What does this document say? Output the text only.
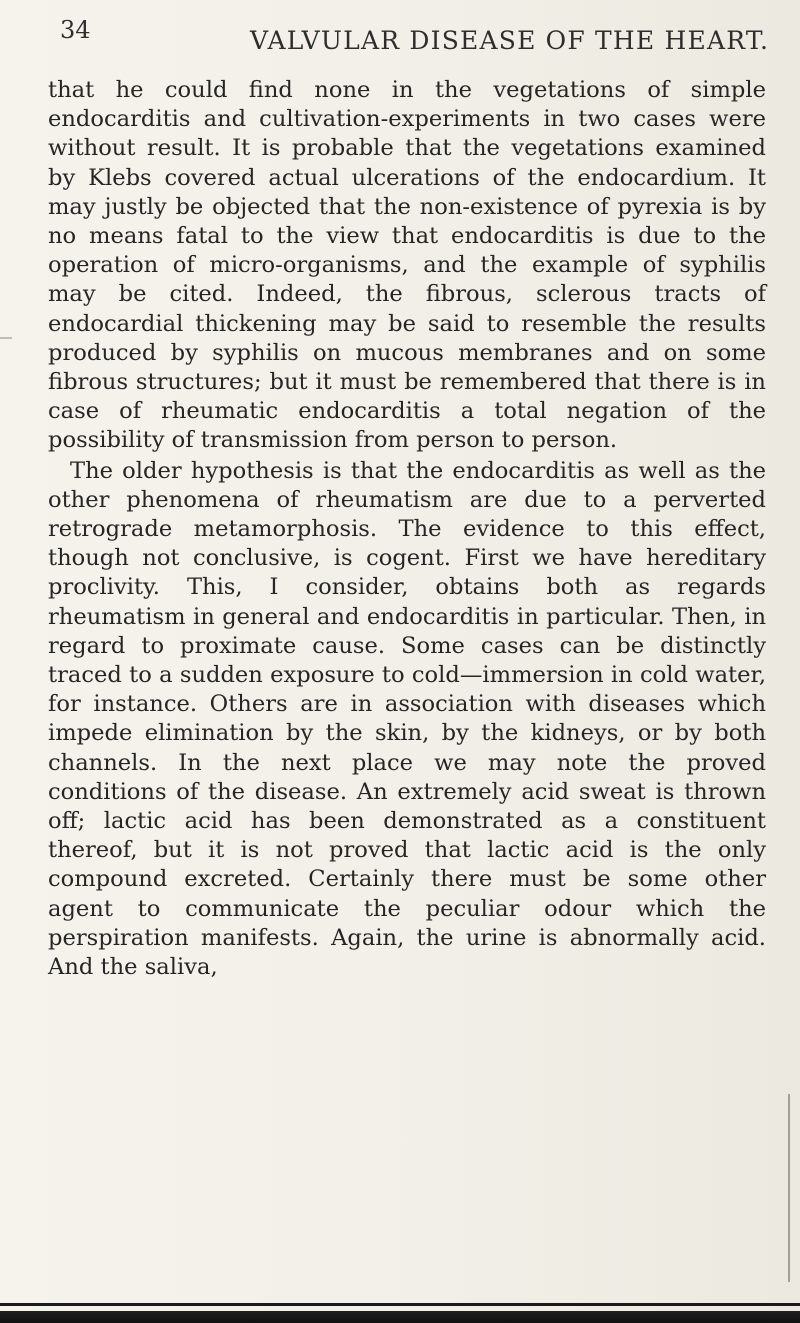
34	VALVULAR DISEASE OF THE HEART.

that he could find none in the vegetations of simple endocarditis and cultivation-experiments in two cases were without result. It is probable that the vegetations examined by Klebs covered actual ulcerations of the endocardium. It may justly be objected that the non-existence of pyrexia is by no means fatal to the view that endocarditis is due to the operation of micro-organisms, and the example of syphilis may be cited. Indeed, the fibrous, sclerous tracts of endocardial thickening may be said to resemble the results produced by syphilis on mucous membranes and on some fibrous structures; but it must be remembered that there is in case of rheumatic endocarditis a total negation of the possibility of transmission from person to person.

The older hypothesis is that the endocarditis as well as the other phenomena of rheumatism are due to a perverted retrograde metamorphosis. The evidence to this effect, though not conclusive, is cogent. First we have hereditary proclivity. This, I consider, obtains both as regards rheumatism in general and endocarditis in particular. Then, in regard to proximate cause. Some cases can be distinctly traced to a sudden exposure to cold—immersion in cold water, for instance. Others are in association with diseases which impede elimination by the skin, by the kidneys, or by both channels. In the next place we may note the proved conditions of the disease. An extremely acid sweat is thrown off; lactic acid has been demonstrated as a constituent thereof, but it is not proved that lactic acid is the only compound excreted. Certainly there must be some other agent to communicate the peculiar odour which the perspiration manifests. Again, the urine is abnormally acid. And the saliva,
